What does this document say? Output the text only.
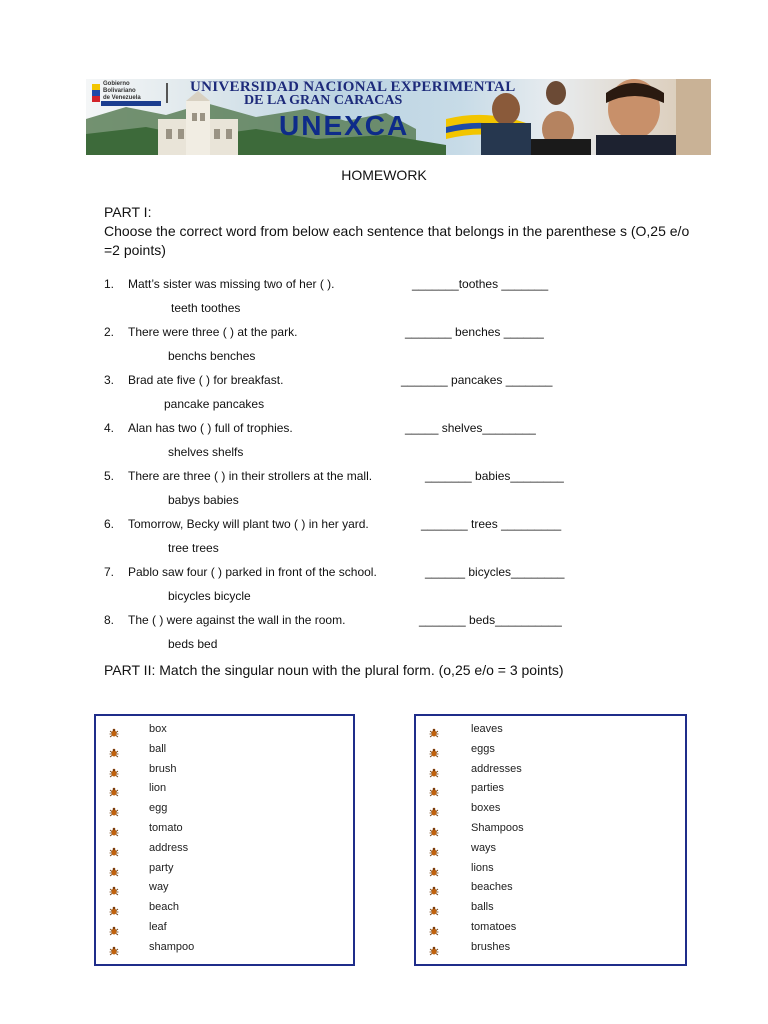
Gobierno
Bolivariano
de Venezuela
UNIVERSIDAD NACIONAL EXPERIMENTAL
DE LA GRAN CARACAS
UNEXCA
HOMEWORK
PART I:
Choose the correct word from below each sentence that belongs in the parenthese s (O,25 e/o =2 points)
1. Matt’s sister was missing two of her ( ).	_______toothes _______
teeth toothes
2. There were three ( ) at the park.	_______ benches ______
benchs benches
3. Brad ate five ( ) for breakfast.	_______ pancakes _______
pancake pancakes
4. Alan has two ( ) full of trophies.	_____ shelves________
shelves shelfs
5. There are three ( ) in their strollers at the mall.	_______ babies________
babys babies
6. Tomorrow, Becky will plant two ( ) in her yard.	_______ trees _________
tree trees
7. Pablo saw four ( ) parked in front of the school.	______ bicycles________
bicycles bicycle
8. The ( ) were against the wall in the room.	_______ beds__________
beds bed
PART II: Match the singular noun with the plural form. (o,25 e/o = 3 points)
box
ball
brush
lion
egg
tomato
address
party
way
beach
leaf
shampoo
leaves
eggs
addresses
parties
boxes
Shampoos
ways
lions
beaches
balls
tomatoes
brushes
